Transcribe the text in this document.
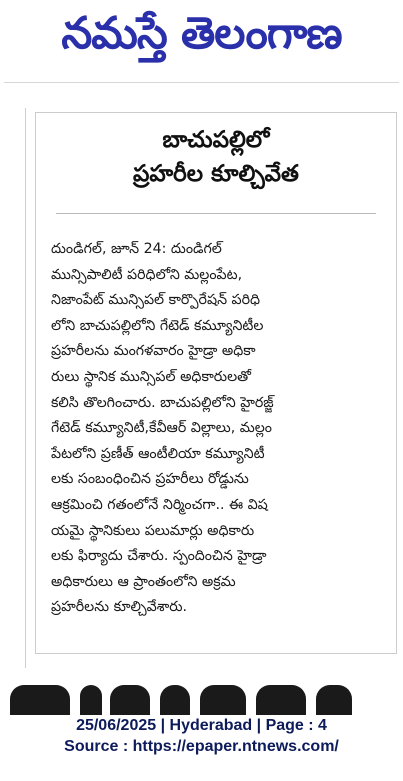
నమస్తే తెలంగాణ
బాచుపల్లిలో
ప్రహరీల కూల్చివేత
దుండిగల్, జూన్ 24: దుండిగల్
మున్సిపాలిటీ పరిధిలోని మల్లంపేట,
నిజాంపేట్ మున్సిపల్ కార్పొరేషన్ పరిధి
లోని బాచుపల్లిలోని గేటెడ్ కమ్యూనిటీల
ప్రహరీలను మంగళవారం హైడ్రా అధికా
రులు స్థానిక మున్సిపల్ అధికారులతో
కలిసి తొలగించారు. బాచుపల్లిలోని హైరజ్జ్
గేటెడ్ కమ్యూనిటీ,కేవీఆర్ విల్లాలు, మల్లం
పేటలోని ప్రణీత్ ఆంటీలియా కమ్యూనిటీ
లకు సంబంధించిన ప్రహరీలు రోడ్డును
ఆక్రమించి గతంలోనే నిర్మించగా.. ఈ విష
యమై స్థానికులు పలుమార్లు అధికారు
లకు ఫిర్యాదు చేశారు. స్పందించిన హైడ్రా
అధికారులు ఆ ప్రాంతంలోని అక్రమ
ప్రహరీలను కూల్చివేశారు.
25/06/2025 | Hyderabad | Page : 4
Source : https://epaper.ntnews.com/
